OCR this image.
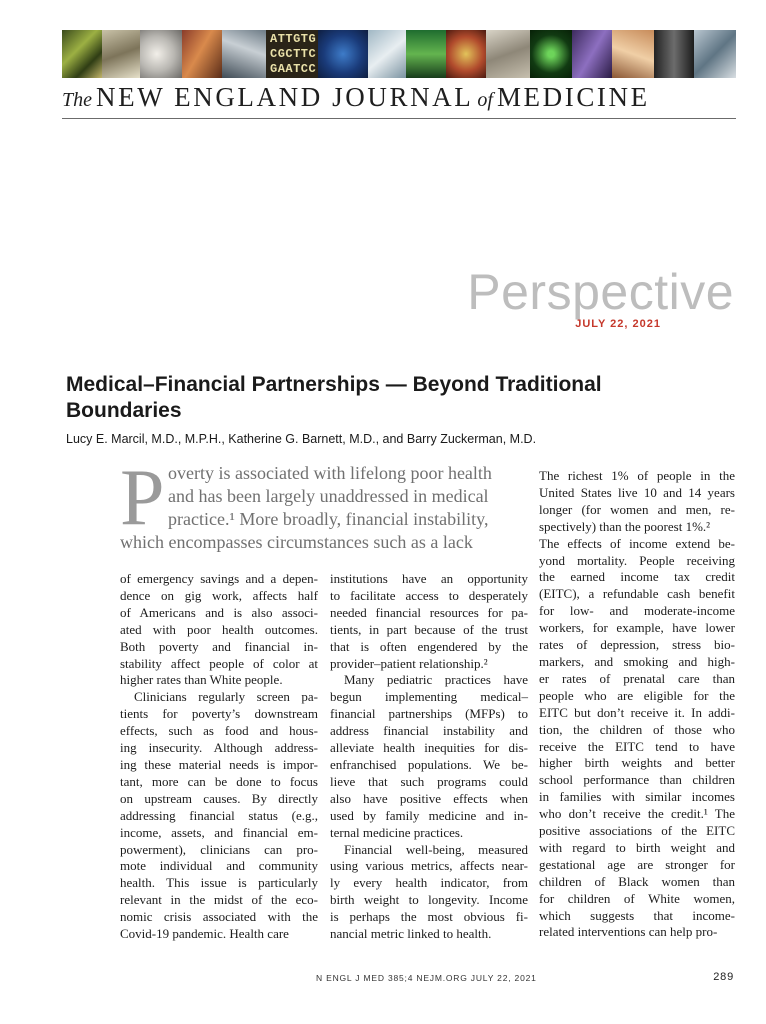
ATTGTG
CGCTTC
GAATCC
The NEW ENGLAND JOURNAL of MEDICINE
Perspective
JULY 22, 2021
Medical–Financial Partnerships — Beyond Traditional Boundaries
Lucy E. Marcil, M.D., M.P.H., Katherine G. Barnett, M.D., and Barry Zuckerman, M.D.
P overty is associated with lifelong poor health
and has been largely unaddressed in medical
practice.¹ More broadly, financial instability,
which encompasses circumstances such as a lack
of emergency savings and a depen-
dence on gig work, affects half
of Americans and is also associ-
ated with poor health outcomes.
Both poverty and financial in-
stability affect people of color at
higher rates than White people.
Clinicians regularly screen pa-
tients for poverty’s downstream
effects, such as food and hous-
ing insecurity. Although address-
ing these material needs is impor-
tant, more can be done to focus
on upstream causes. By directly
addressing financial status (e.g.,
income, assets, and financial em-
powerment), clinicians can pro-
mote individual and community
health. This issue is particularly
relevant in the midst of the eco-
nomic crisis associated with the
Covid-19 pandemic. Health care
institutions have an opportunity
to facilitate access to desperately
needed financial resources for pa-
tients, in part because of the trust
that is often engendered by the
provider–patient relationship.²
Many pediatric practices have
begun implementing medical–
financial partnerships (MFPs) to
address financial instability and
alleviate health inequities for dis-
enfranchised populations. We be-
lieve that such programs could
also have positive effects when
used by family medicine and in-
ternal medicine practices.
Financial well-being, measured
using various metrics, affects near-
ly every health indicator, from
birth weight to longevity. Income
is perhaps the most obvious fi-
nancial metric linked to health.
The richest 1% of people in the
United States live 10 and 14 years
longer (for women and men, re-
spectively) than the poorest 1%.²
The effects of income extend be-
yond mortality. People receiving
the earned income tax credit
(EITC), a refundable cash benefit
for low- and moderate-income
workers, for example, have lower
rates of depression, stress bio-
markers, and smoking and high-
er rates of prenatal care than
people who are eligible for the
EITC but don’t receive it. In addi-
tion, the children of those who
receive the EITC tend to have
higher birth weights and better
school performance than children
in families with similar incomes
who don’t receive the credit.¹ The
positive associations of the EITC
with regard to birth weight and
gestational age are stronger for
children of Black women than
for children of White women,
which suggests that income-
related interventions can help pro-
N ENGL J MED 385;4 NEJM.ORG JULY 22, 2021	289
